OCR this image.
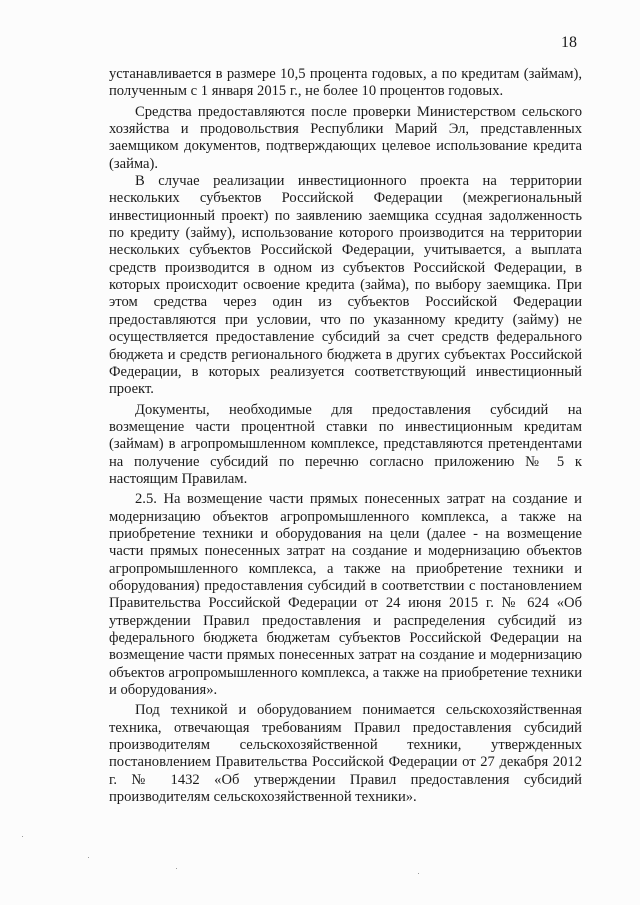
18

устанавливается в размере 10,5 процента годовых, а по кредитам (займам), полученным с 1 января 2015 г., не более 10 процентов годовых.

Средства предоставляются после проверки Министерством сельского хозяйства и продовольствия Республики Марий Эл, представленных заемщиком документов, подтверждающих целевое использование кредита (займа).

В случае реализации инвестиционного проекта на территории нескольких субъектов Российской Федерации (межрегиональный инвестиционный проект) по заявлению заемщика ссудная задолженность по кредиту (займу), использование которого производится на территории нескольких субъектов Российской Федерации, учитывается, а выплата средств производится в одном из субъектов Российской Федерации, в которых происходит освоение кредита (займа), по выбору заемщика. При этом средства через один из субъектов Российской Федерации предоставляются при условии, что по указанному кредиту (займу) не осуществляется предоставление субсидий за счет средств федерального бюджета и средств регионального бюджета в других субъектах Российской Федерации, в которых реализуется соответствующий инвестиционный проект.

Документы, необходимые для предоставления субсидий на возмещение части процентной ставки по инвестиционным кредитам (займам) в агропромышленном комплексе, представляются претендентами на получение субсидий по перечню согласно приложению № 5 к настоящим Правилам.

2.5. На возмещение части прямых понесенных затрат на создание и модернизацию объектов агропромышленного комплекса, а также на приобретение техники и оборудования на цели (далее - на возмещение части прямых понесенных затрат на создание и модернизацию объектов агропромышленного комплекса, а также на приобретение техники и оборудования) предоставления субсидий в соответствии с постановлением Правительства Российской Федерации от 24 июня 2015 г. № 624 «Об утверждении Правил предоставления и распределения субсидий из федерального бюджета бюджетам субъектов Российской Федерации на возмещение части прямых понесенных затрат на создание и модернизацию объектов агропромышленного комплекса, а также на приобретение техники и оборудования».

Под техникой и оборудованием понимается сельскохозяйственная техника, отвечающая требованиям Правил предоставления субсидий производителям сельскохозяйственной техники, утвержденных постановлением Правительства Российской Федерации от 27 декабря 2012 г. № 1432 «Об утверждении Правил предоставления субсидий производителям сельскохозяйственной техники».
